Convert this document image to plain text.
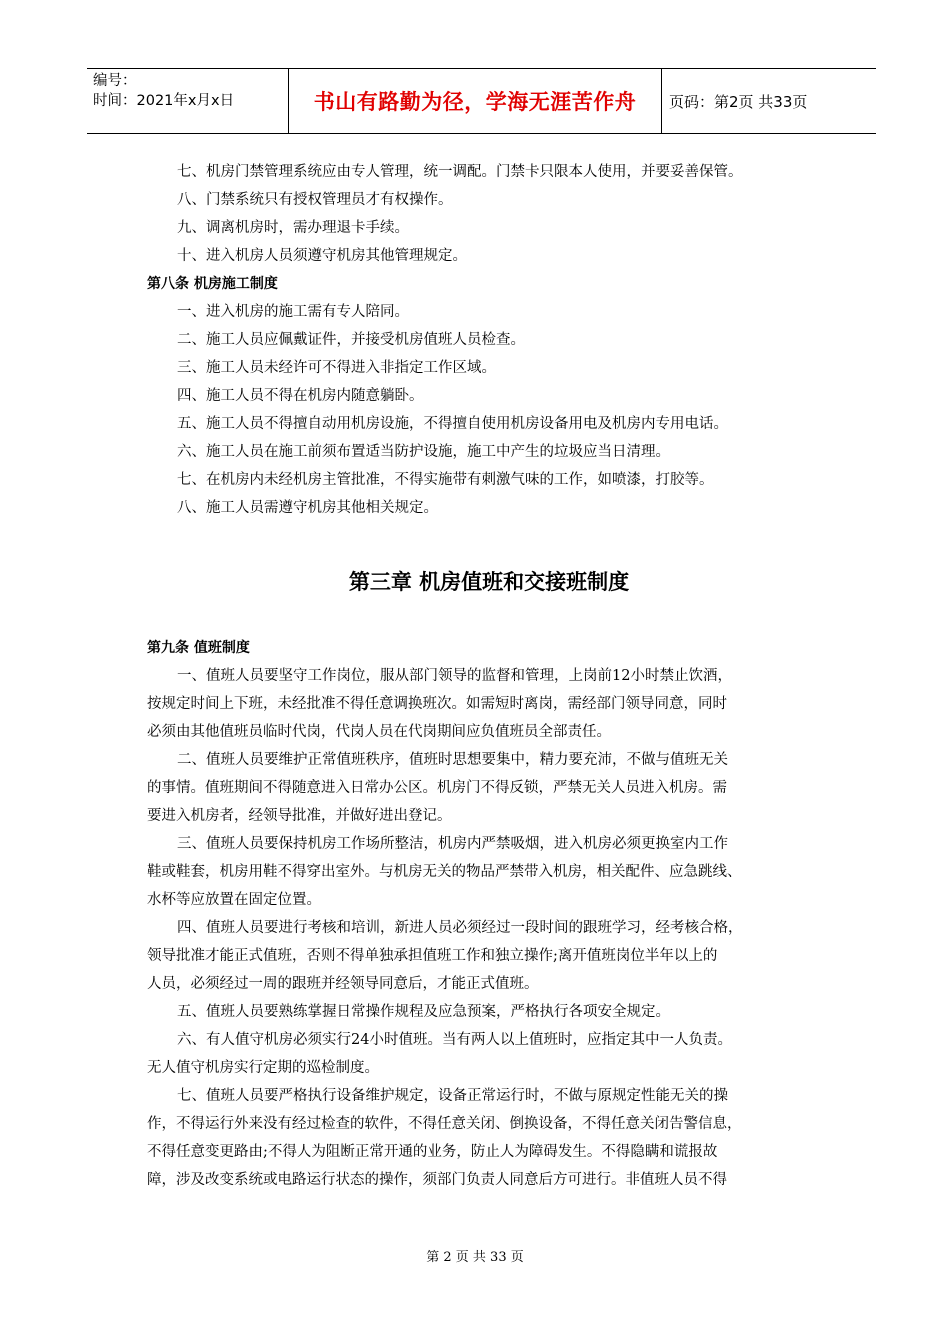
编号：
时间：2021年x月x日	书山有路勤为径，学海无涯苦作舟	页码：第2页 共33页

七、机房门禁管理系统应由专人管理，统一调配。门禁卡只限本人使用，并要妥善保管。

八、门禁系统只有授权管理员才有权操作。

九、调离机房时，需办理退卡手续。

十、进入机房人员须遵守机房其他管理规定。

第八条 机房施工制度

一、进入机房的施工需有专人陪同。

二、施工人员应佩戴证件，并接受机房值班人员检查。

三、施工人员未经许可不得进入非指定工作区域。

四、施工人员不得在机房内随意躺卧。

五、施工人员不得擅自动用机房设施，不得擅自使用机房设备用电及机房内专用电话。

六、施工人员在施工前须布置适当防护设施，施工中产生的垃圾应当日清理。

七、在机房内未经机房主管批准，不得实施带有刺激气味的工作，如喷漆，打胶等。

八、施工人员需遵守机房其他相关规定。

第三章 机房值班和交接班制度

第九条 值班制度

一、值班人员要坚守工作岗位，服从部门领导的监督和管理，上岗前12小时禁止饮酒，

按规定时间上下班，未经批准不得任意调换班次。如需短时离岗，需经部门领导同意，同时

必须由其他值班员临时代岗，代岗人员在代岗期间应负值班员全部责任。

二、值班人员要维护正常值班秩序，值班时思想要集中，精力要充沛，不做与值班无关

的事情。值班期间不得随意进入日常办公区。机房门不得反锁，严禁无关人员进入机房。需

要进入机房者，经领导批准，并做好进出登记。

三、值班人员要保持机房工作场所整洁，机房内严禁吸烟，进入机房必须更换室内工作

鞋或鞋套，机房用鞋不得穿出室外。与机房无关的物品严禁带入机房，相关配件、应急跳线、

水杯等应放置在固定位置。

四、值班人员要进行考核和培训，新进人员必须经过一段时间的跟班学习，经考核合格，

领导批准才能正式值班，否则不得单独承担值班工作和独立操作;离开值班岗位半年以上的

人员，必须经过一周的跟班并经领导同意后，才能正式值班。

五、值班人员要熟练掌握日常操作规程及应急预案，严格执行各项安全规定。

六、有人值守机房必须实行24小时值班。当有两人以上值班时，应指定其中一人负责。

无人值守机房实行定期的巡检制度。

七、值班人员要严格执行设备维护规定，设备正常运行时，不做与原规定性能无关的操

作，不得运行外来没有经过检查的软件，不得任意关闭、倒换设备，不得任意关闭告警信息，

不得任意变更路由;不得人为阻断正常开通的业务，防止人为障碍发生。不得隐瞒和谎报故

障，涉及改变系统或电路运行状态的操作，须部门负责人同意后方可进行。非值班人员不得

第 2 页 共 33 页
